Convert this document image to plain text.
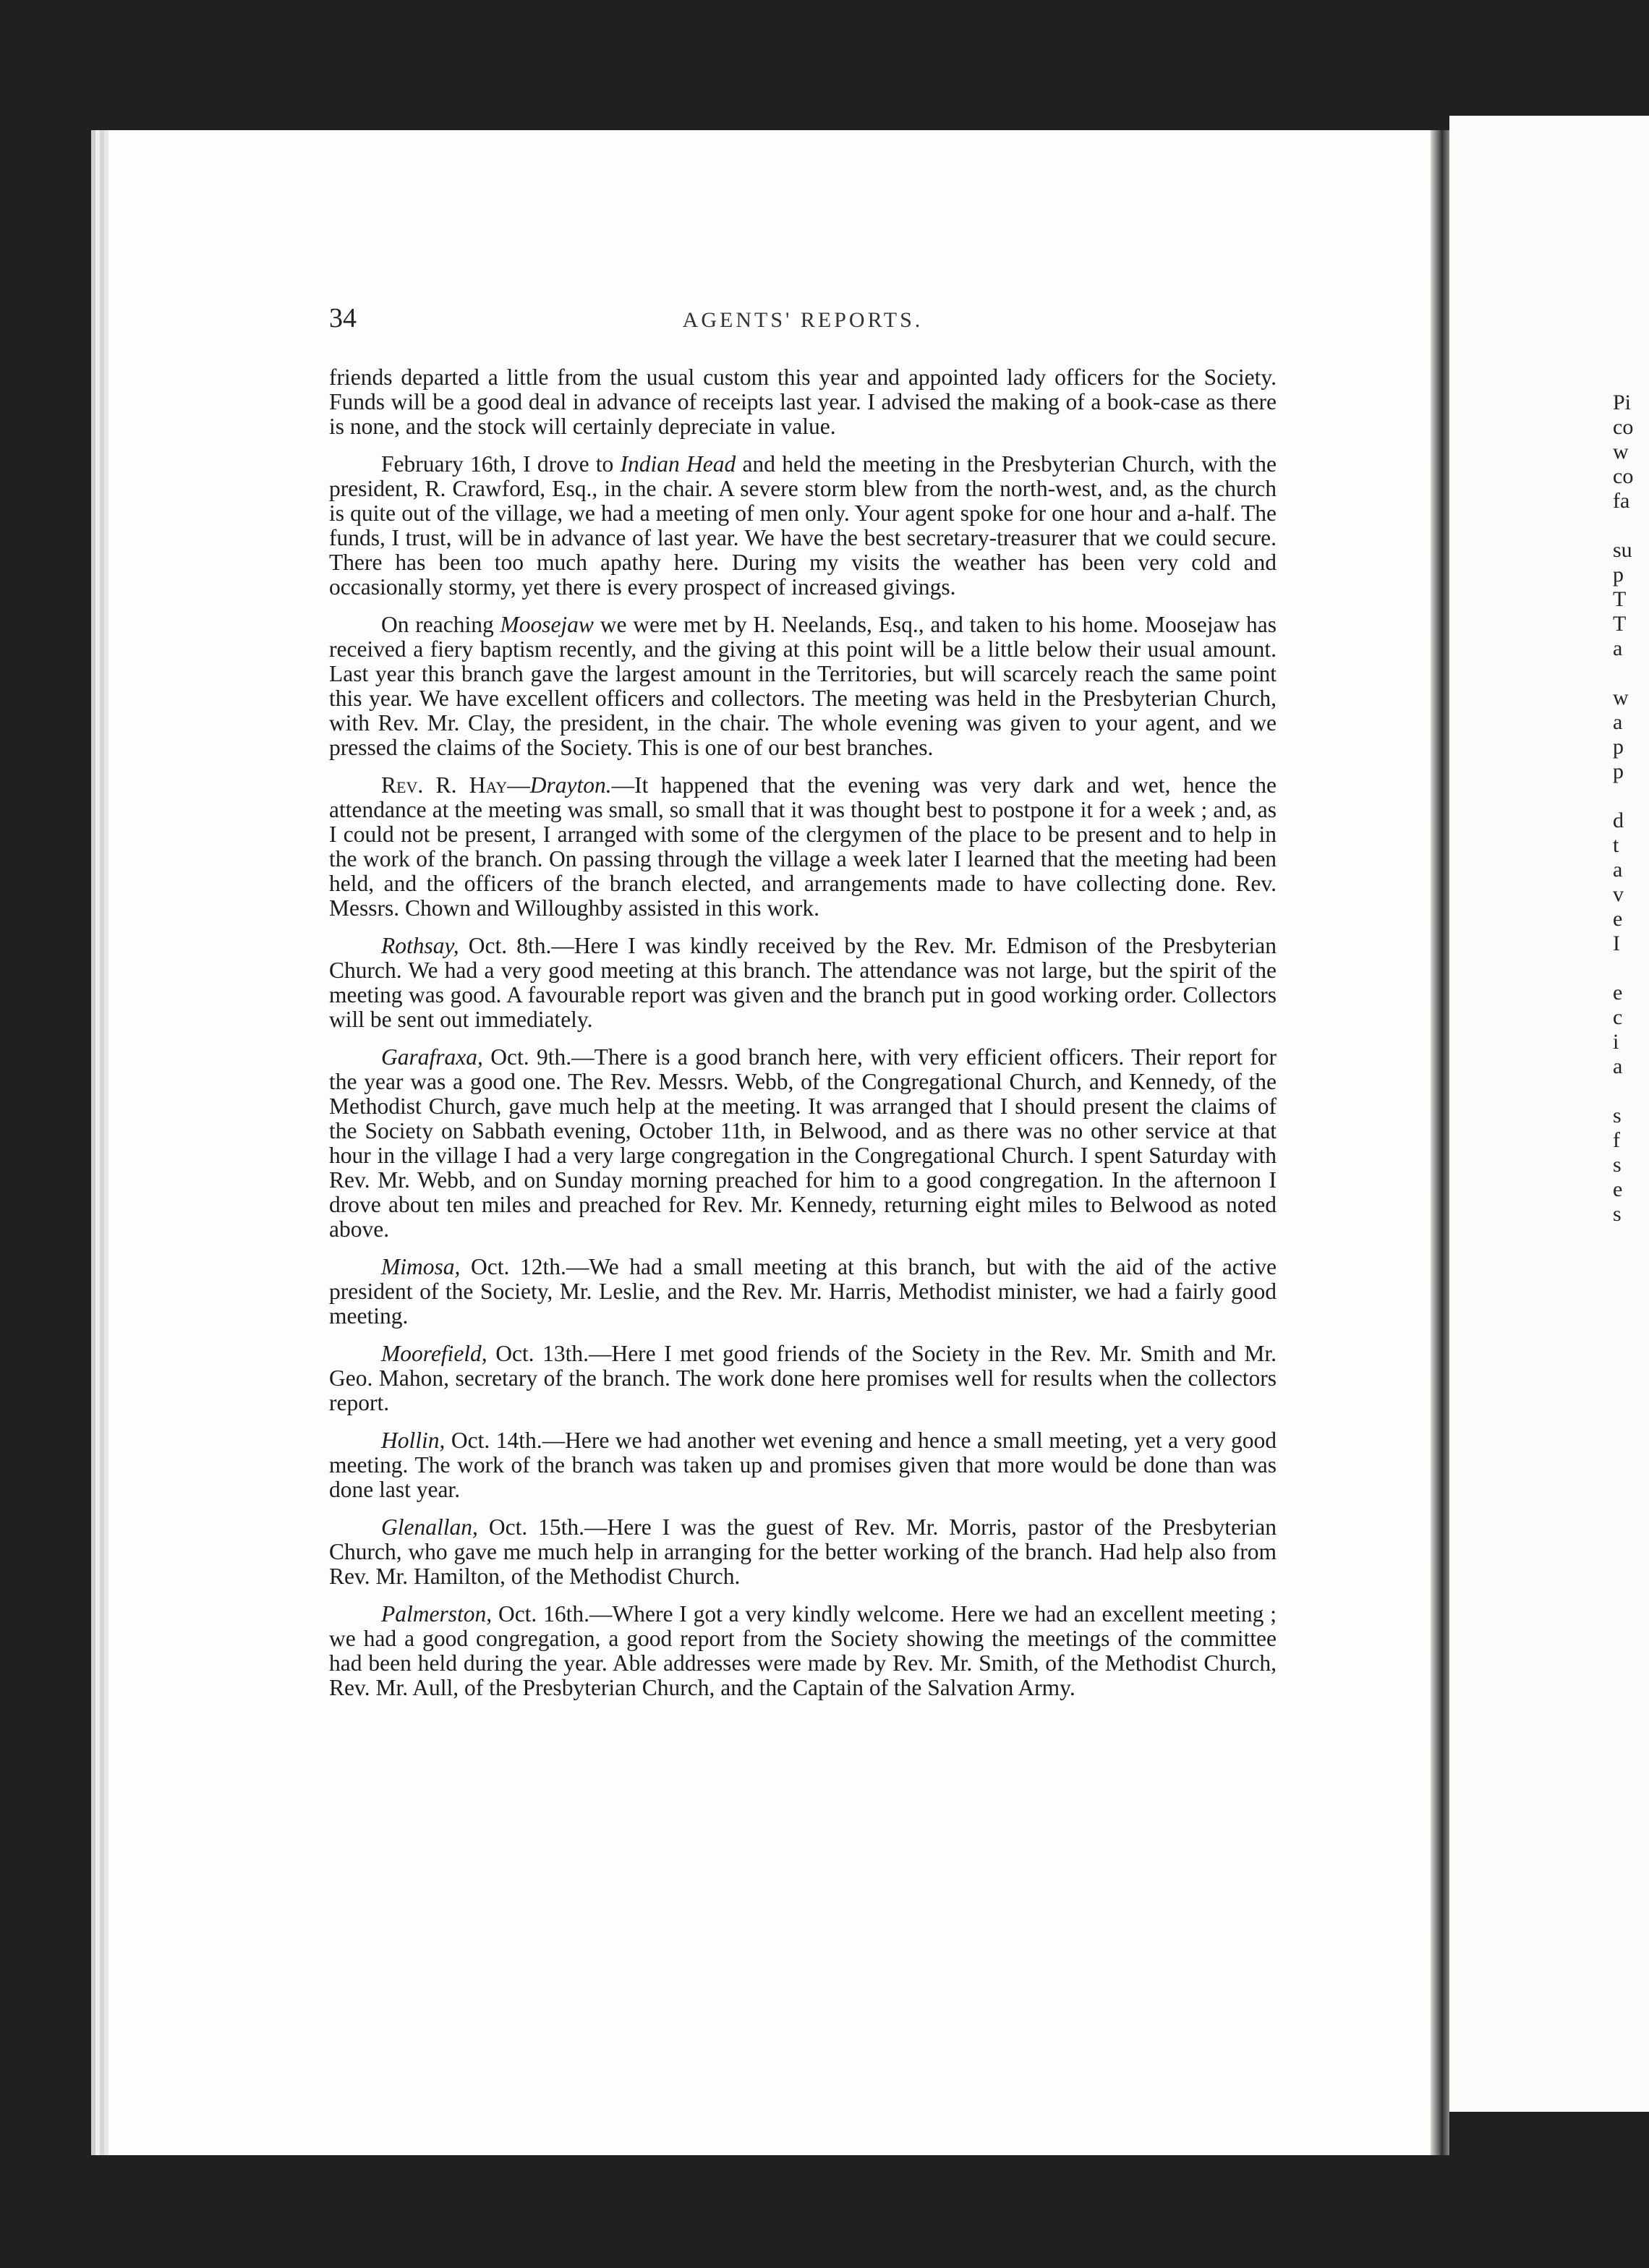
Pi
co
w
co
fa
su
p
T
T
a
w
a
p
p
d
t
a
v
e
I
e
c
i
a
s
f
s
e
s
34	AGENTS' REPORTS.

friends departed a little from the usual custom this year and appointed lady officers for the Society. Funds will be a good deal in advance of receipts last year. I advised the making of a book-case as there is none, and the stock will certainly depreciate in value.

February 16th, I drove to Indian Head and held the meeting in the Presbyterian Church, with the president, R. Crawford, Esq., in the chair. A severe storm blew from the north-west, and, as the church is quite out of the village, we had a meeting of men only. Your agent spoke for one hour and a-half. The funds, I trust, will be in advance of last year. We have the best secretary-treasurer that we could secure. There has been too much apathy here. During my visits the weather has been very cold and occasionally stormy, yet there is every prospect of increased givings.

On reaching Moosejaw we were met by H. Neelands, Esq., and taken to his home. Moosejaw has received a fiery baptism recently, and the giving at this point will be a little below their usual amount. Last year this branch gave the largest amount in the Territories, but will scarcely reach the same point this year. We have excellent officers and collectors. The meeting was held in the Presbyterian Church, with Rev. Mr. Clay, the president, in the chair. The whole evening was given to your agent, and we pressed the claims of the Society. This is one of our best branches.

Rev. R. Hay—Drayton.—It happened that the evening was very dark and wet, hence the attendance at the meeting was small, so small that it was thought best to postpone it for a week ; and, as I could not be present, I arranged with some of the clergymen of the place to be present and to help in the work of the branch. On passing through the village a week later I learned that the meeting had been held, and the officers of the branch elected, and arrangements made to have collecting done. Rev. Messrs. Chown and Willoughby assisted in this work.

Rothsay, Oct. 8th.—Here I was kindly received by the Rev. Mr. Edmison of the Presbyterian Church. We had a very good meeting at this branch. The attendance was not large, but the spirit of the meeting was good. A favourable report was given and the branch put in good working order. Collectors will be sent out immediately.

Garafraxa, Oct. 9th.—There is a good branch here, with very efficient officers. Their report for the year was a good one. The Rev. Messrs. Webb, of the Congregational Church, and Kennedy, of the Methodist Church, gave much help at the meeting. It was arranged that I should present the claims of the Society on Sabbath evening, October 11th, in Belwood, and as there was no other service at that hour in the village I had a very large congregation in the Congregational Church. I spent Saturday with Rev. Mr. Webb, and on Sunday morning preached for him to a good congregation. In the afternoon I drove about ten miles and preached for Rev. Mr. Kennedy, returning eight miles to Belwood as noted above.

Mimosa, Oct. 12th.—We had a small meeting at this branch, but with the aid of the active president of the Society, Mr. Leslie, and the Rev. Mr. Harris, Methodist minister, we had a fairly good meeting.

Moorefield, Oct. 13th.—Here I met good friends of the Society in the Rev. Mr. Smith and Mr. Geo. Mahon, secretary of the branch. The work done here promises well for results when the collectors report.

Hollin, Oct. 14th.—Here we had another wet evening and hence a small meeting, yet a very good meeting. The work of the branch was taken up and promises given that more would be done than was done last year.

Glenallan, Oct. 15th.—Here I was the guest of Rev. Mr. Morris, pastor of the Presbyterian Church, who gave me much help in arranging for the better working of the branch. Had help also from Rev. Mr. Hamilton, of the Methodist Church.

Palmerston, Oct. 16th.—Where I got a very kindly welcome. Here we had an excellent meeting ; we had a good congregation, a good report from the Society showing the meetings of the committee had been held during the year. Able addresses were made by Rev. Mr. Smith, of the Methodist Church, Rev. Mr. Aull, of the Presbyterian Church, and the Captain of the Salvation Army.
